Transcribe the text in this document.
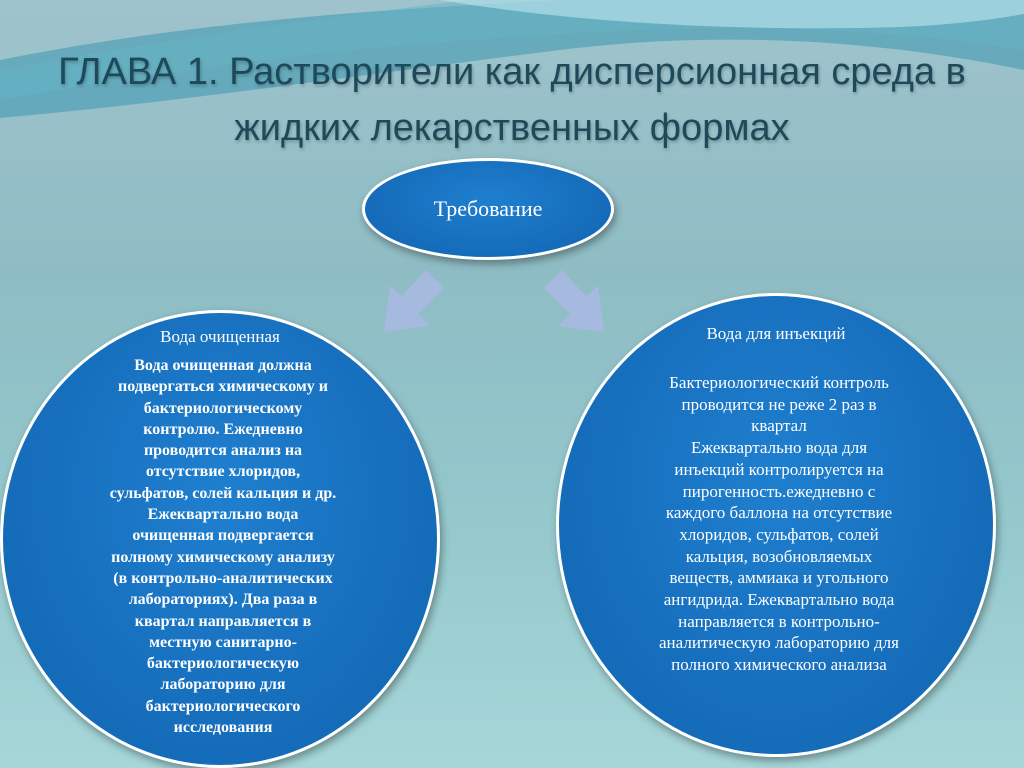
ГЛАВА 1. Растворители как дисперсионная среда в жидких лекарственных формах
Требование
Вода очищенная
Вода очищенная должна
подвергаться химическому и
бактериологическому
контролю. Ежедневно
проводится анализ на
отсутствие хлоридов,
сульфатов, солей кальция и др.
Ежеквартально вода
очищенная подвергается
полному химическому анализу
(в контрольно-аналитических
лабораториях). Два раза в
квартал направляется в
местную санитарно-
бактериологическую
лабораторию для
бактериологического
исследования
Вода для инъекций
Бактериологический контроль
проводится не реже 2 раз в
квартал
Ежеквартально вода для
инъекций контролируется на
пирогенность.ежедневно с
каждого баллона на отсутствие
хлоридов, сульфатов, солей
кальция, возобновляемых
веществ, аммиака и угольного
ангидрида. Ежеквартально вода
направляется в контрольно-
аналитическую лабораторию для
полного химического анализа
